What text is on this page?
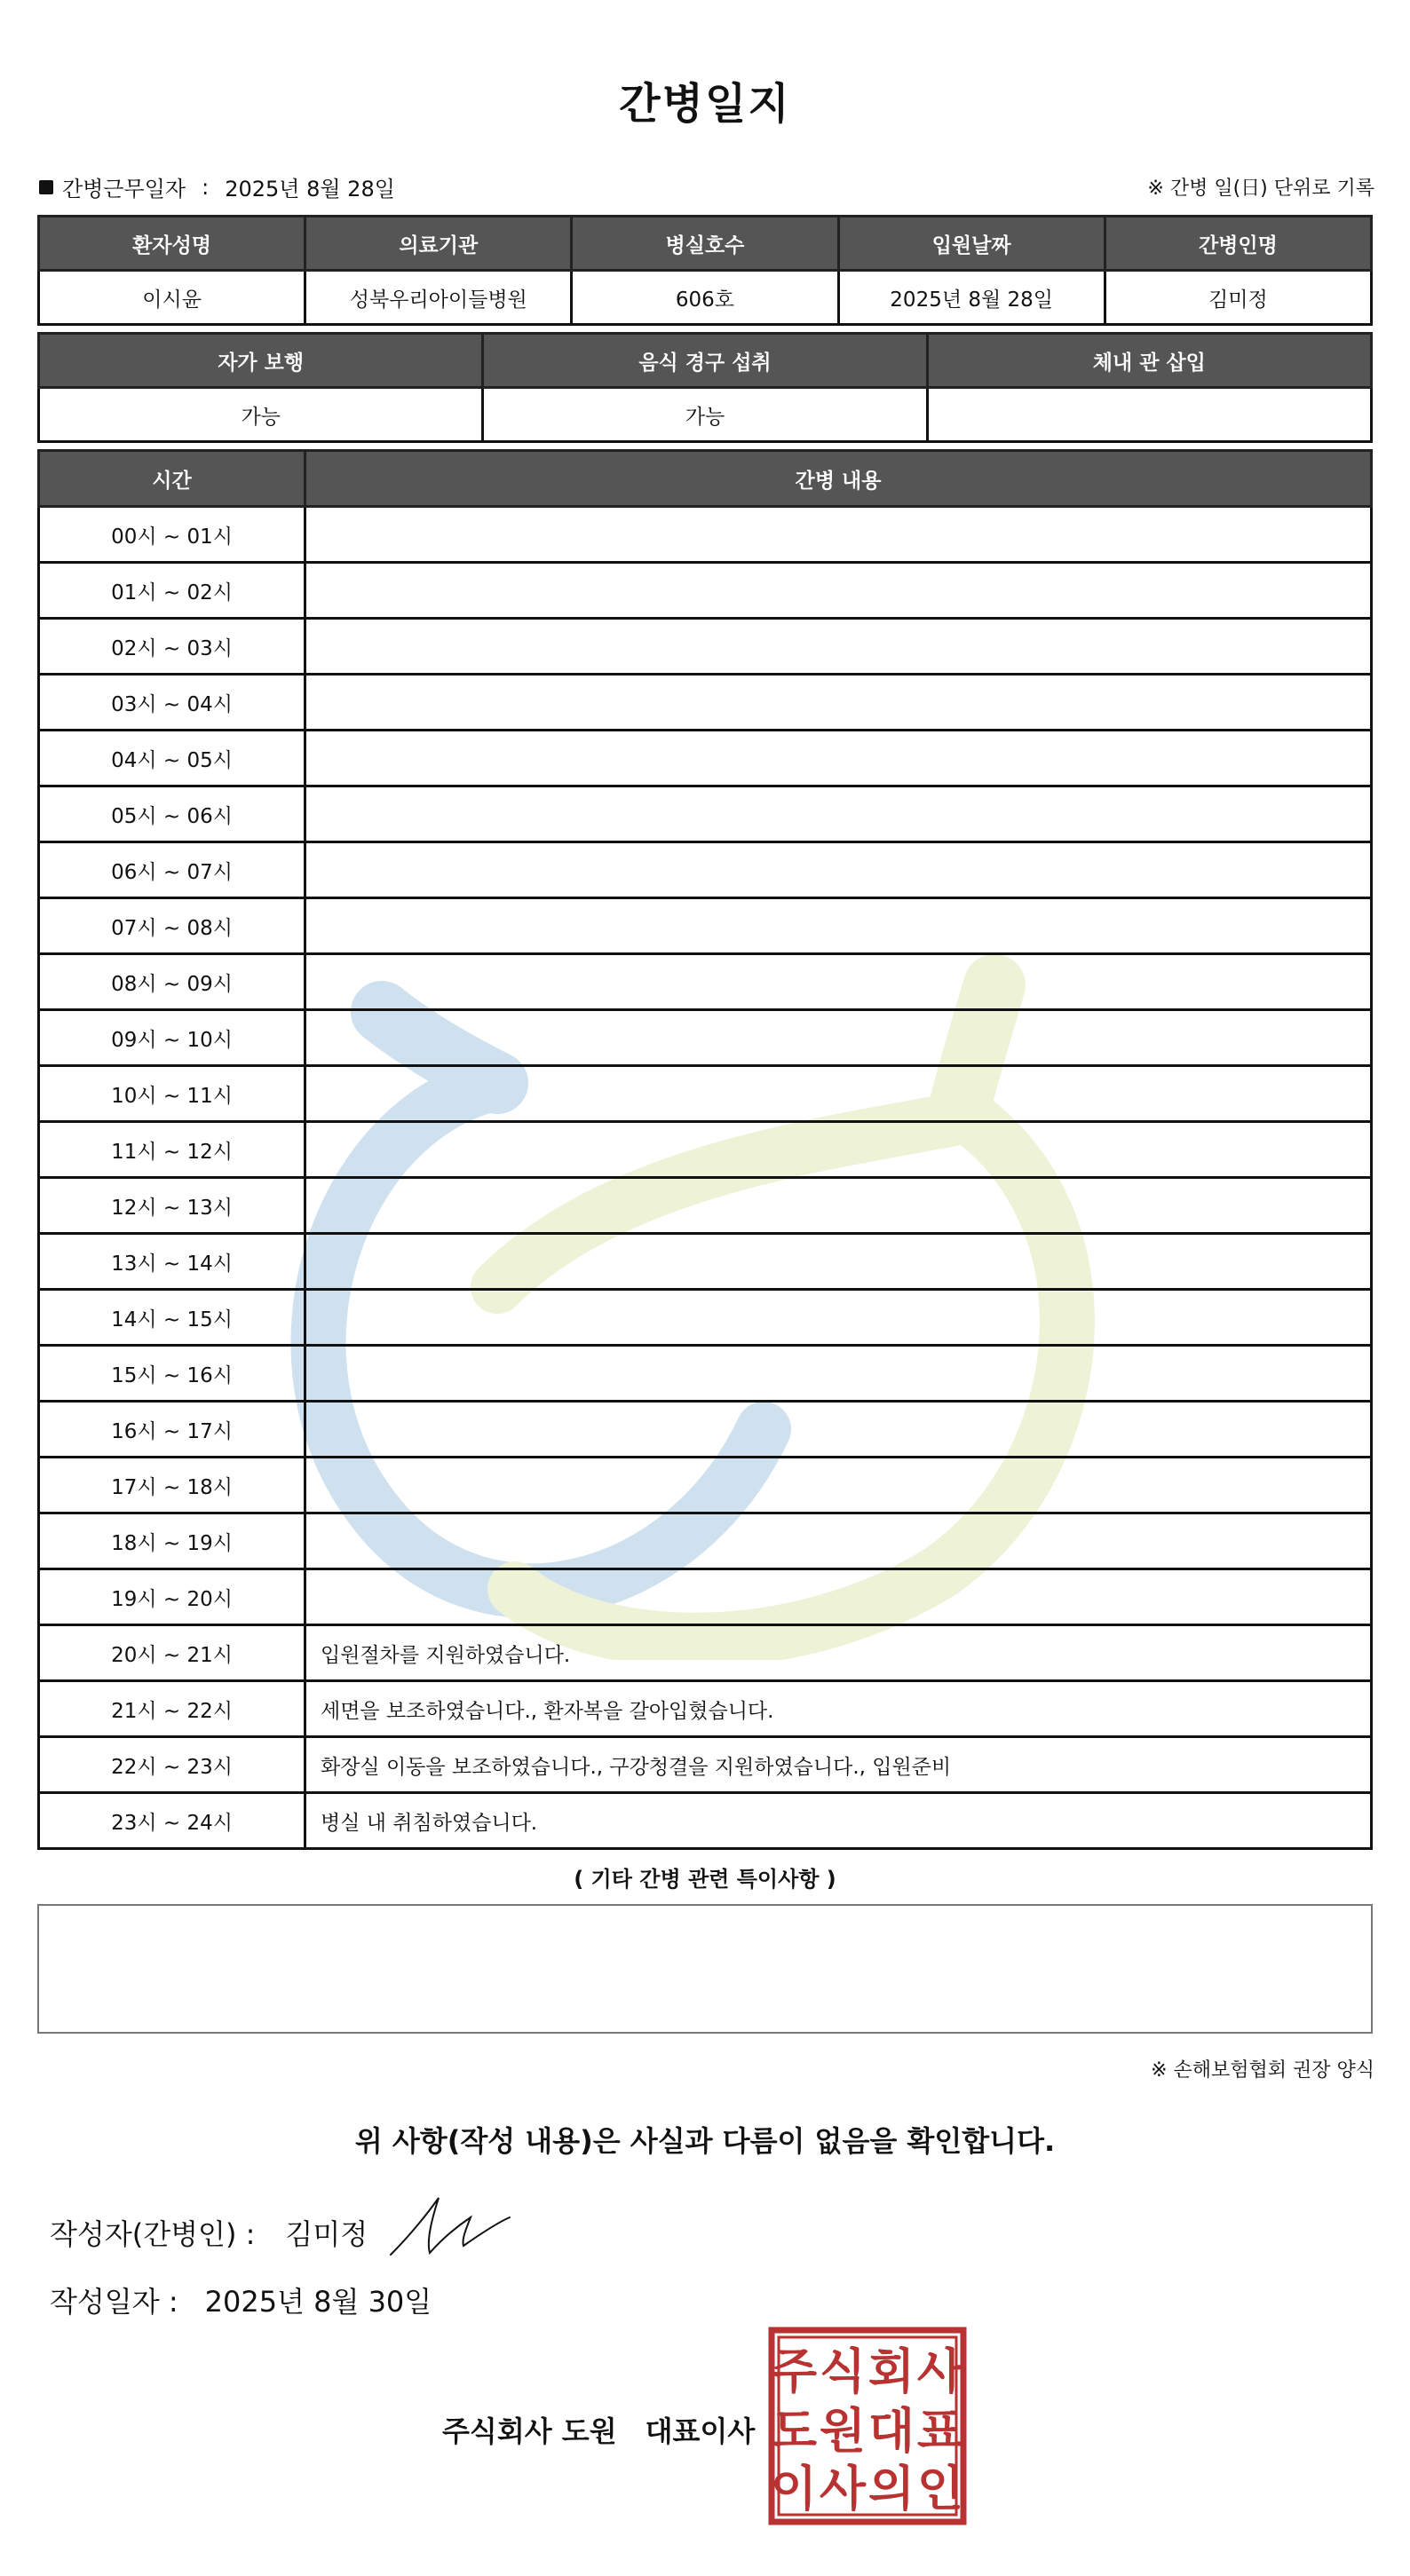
간병일지
간병근무일자 : 2025년 8월 28일	※ 간병 일(日) 단위로 기록
환자성명	의료기관	병실호수	입원날짜	간병인명
이시윤	성북우리아이들병원	606호	2025년 8월 28일	김미정
자가 보행	음식 경구 섭취	체내 관 삽입
가능	가능	
시간	간병 내용
00시 ~ 01시	
01시 ~ 02시	
02시 ~ 03시	
03시 ~ 04시	
04시 ~ 05시	
05시 ~ 06시	
06시 ~ 07시	
07시 ~ 08시	
08시 ~ 09시	
09시 ~ 10시	
10시 ~ 11시	
11시 ~ 12시	
12시 ~ 13시	
13시 ~ 14시	
14시 ~ 15시	
15시 ~ 16시	
16시 ~ 17시	
17시 ~ 18시	
18시 ~ 19시	
19시 ~ 20시	
20시 ~ 21시	입원절차를 지원하였습니다.
21시 ~ 22시	세면을 보조하였습니다., 환자복을 갈아입혔습니다.
22시 ~ 23시	화장실 이동을 보조하였습니다., 구강청결을 지원하였습니다., 입원준비
23시 ~ 24시	병실 내 취침하였습니다.
( 기타 간병 관련 특이사항 )
※ 손해보험협회 권장 양식
위 사항(작성 내용)은 사실과 다름이 없음을 확인합니다.
작성자(간병인) : 김미정
작성일자 : 2025년 8월 30일
주식회사 도원 대표이사
주 식 회 사
도 원 대 표
이 사 의 인
